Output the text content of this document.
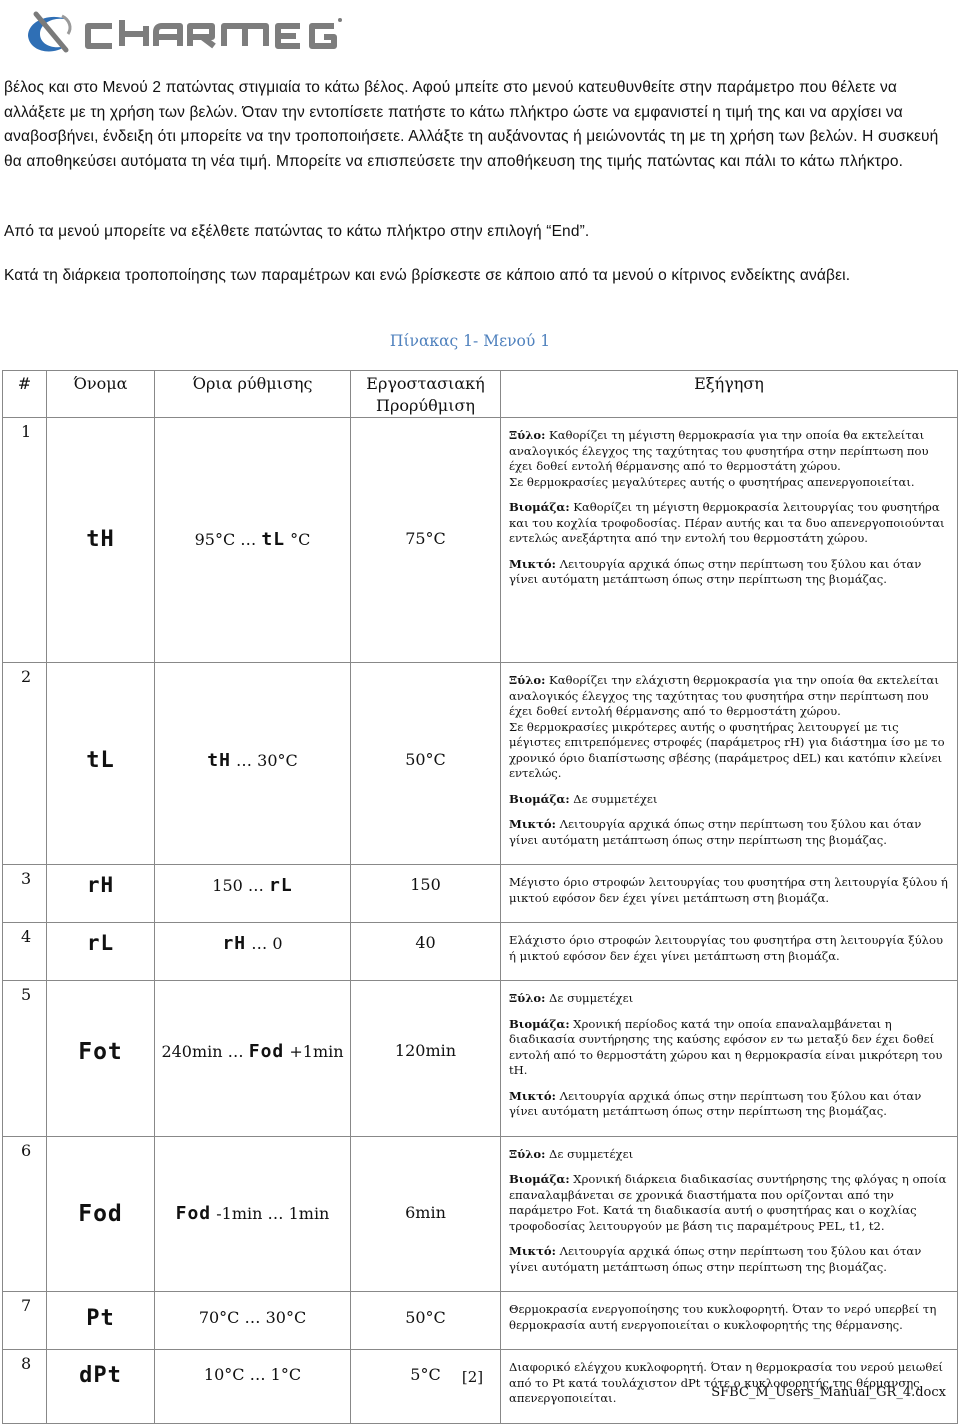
βέλος και στο Μενού 2 πατώντας στιγμιαία το κάτω βέλος. Αφού μπείτε στο μενού κατευθυνθείτε στην παράμετρο που θέλετε να αλλάξετε με τη χρήση των βελών. Όταν την εντοπίσετε πατήστε το κάτω πλήκτρο ώστε να εμφανιστεί η τιμή της και να αρχίσει να αναβοσβήνει, ένδειξη ότι μπορείτε να την τροποποιήσετε. Αλλάξτε τη αυξάνοντας ή μειώνοντάς τη με τη χρήση των βελών. Η συσκευή θα αποθηκεύσει αυτόματα τη νέα τιμή. Μπορείτε να επισπεύσετε την αποθήκευση της τιμής πατώντας και πάλι το κάτω πλήκτρο.
Από τα μενού μπορείτε να εξέλθετε πατώντας το κάτω πλήκτρο στην επιλογή “End”.
Κατά τη διάρκεια τροποποίησης των παραμέτρων και ενώ βρίσκεστε σε κάποιο από τα μενού ο κίτρινος ενδείκτης ανάβει.
Πίνακας 1- Μενού 1
#	Όνομα	Όρια ρύθμισης	Εργοστασιακή Προρύθμιση	Εξήγηση
1	tH	95°C … tL °C	75°C	Ξύλο: Καθορίζει τη μέγιστη θερμοκρασία για την οποία θα εκτελείται αναλογικός έλεγχος της ταχύτητας του φυσητήρα στην περίπτωση που έχει δοθεί εντολή θέρμανσης από το θερμοστάτη χώρου.
Σε θερμοκρασίες μεγαλύτερες αυτής ο φυσητήρας απενεργοποιείται.

Βιομάζα: Καθορίζει τη μέγιστη θερμοκρασία λειτουργίας του φυσητήρα και του κοχλία τροφοδοσίας. Πέραν αυτής και τα δυο απενεργοποιούνται εντελώς ανεξάρτητα από την εντολή του θερμοστάτη χώρου.

Μικτό: Λειτουργία αρχικά όπως στην περίπτωση του ξύλου και όταν γίνει αυτόματη μετάπτωση όπως στην περίπτωση της βιομάζας.

2	tL	tH … 30°C	50°C	Ξύλο: Καθορίζει την ελάχιστη θερμοκρασία για την οποία θα εκτελείται αναλογικός έλεγχος της ταχύτητας του φυσητήρα στην περίπτωση που έχει δοθεί εντολή θέρμανσης από το θερμοστάτη χώρου.
Σε θερμοκρασίες μικρότερες αυτής ο φυσητήρας λειτουργεί με τις μέγιστες επιτρεπόμενες στροφές (παράμετρος rH) για διάστημα ίσο με το χρονικό όριο διαπίστωσης σβέσης (παράμετρος dEL) και κατόπιν κλείνει εντελώς.

Βιομάζα: Δε συμμετέχει

Μικτό: Λειτουργία αρχικά όπως στην περίπτωση του ξύλου και όταν γίνει αυτόματη μετάπτωση όπως στην περίπτωση της βιομάζας.

3	rH	150 … rL	150	Μέγιστο όριο στροφών λειτουργίας του φυσητήρα στη λειτουργία ξύλου ή μικτού εφόσον δεν έχει γίνει μετάπτωση στη βιομάζα.

4	rL	rH … 0	40	Ελάχιστο όριο στροφών λειτουργίας του φυσητήρα στη λειτουργία ξύλου ή μικτού εφόσον δεν έχει γίνει μετάπτωση στη βιομάζα.

5	Fot	240min … Fod +1min	120min	Ξύλο: Δε συμμετέχει

Βιομάζα: Χρονική περίοδος κατά την οποία επαναλαμβάνεται η διαδικασία συντήρησης της καύσης εφόσον εν τω μεταξύ δεν έχει δοθεί εντολή από το θερμοστάτη χώρου και η θερμοκρασία είναι μικρότερη του tH.

Μικτό: Λειτουργία αρχικά όπως στην περίπτωση του ξύλου και όταν γίνει αυτόματη μετάπτωση όπως στην περίπτωση της βιομάζας.

6	Fod	Fod -1min … 1min	6min	Ξύλο: Δε συμμετέχει

Βιομάζα: Χρονική διάρκεια διαδικασίας συντήρησης της φλόγας η οποία επαναλαμβάνεται σε χρονικά διαστήματα που ορίζονται από την παράμετρο Fot. Κατά τη διαδικασία αυτή ο φυσητήρας και ο κοχλίας τροφοδοσίας λειτουργούν με βάση τις παραμέτρους PEL, t1, t2.

Μικτό: Λειτουργία αρχικά όπως στην περίπτωση του ξύλου και όταν γίνει αυτόματη μετάπτωση όπως στην περίπτωση της βιομάζας.

7	Pt	70°C … 30°C	50°C	Θερμοκρασία ενεργοποίησης του κυκλοφορητή. Όταν το νερό υπερβεί τη θερμοκρασία αυτή ενεργοποιείται ο κυκλοφορητής της θέρμανσης.

8	dPt	10°C … 1°C	5°C	Διαφορικό ελέγχου κυκλοφορητή. Όταν η θερμοκρασία του νερού μειωθεί από το Pt κατά τουλάχιστον dPt τότε ο κυκλοφορητής της θέρμανσης απενεργοποιείται.

[2]
SFBC_M_Users_Manual_GR_4.docx
